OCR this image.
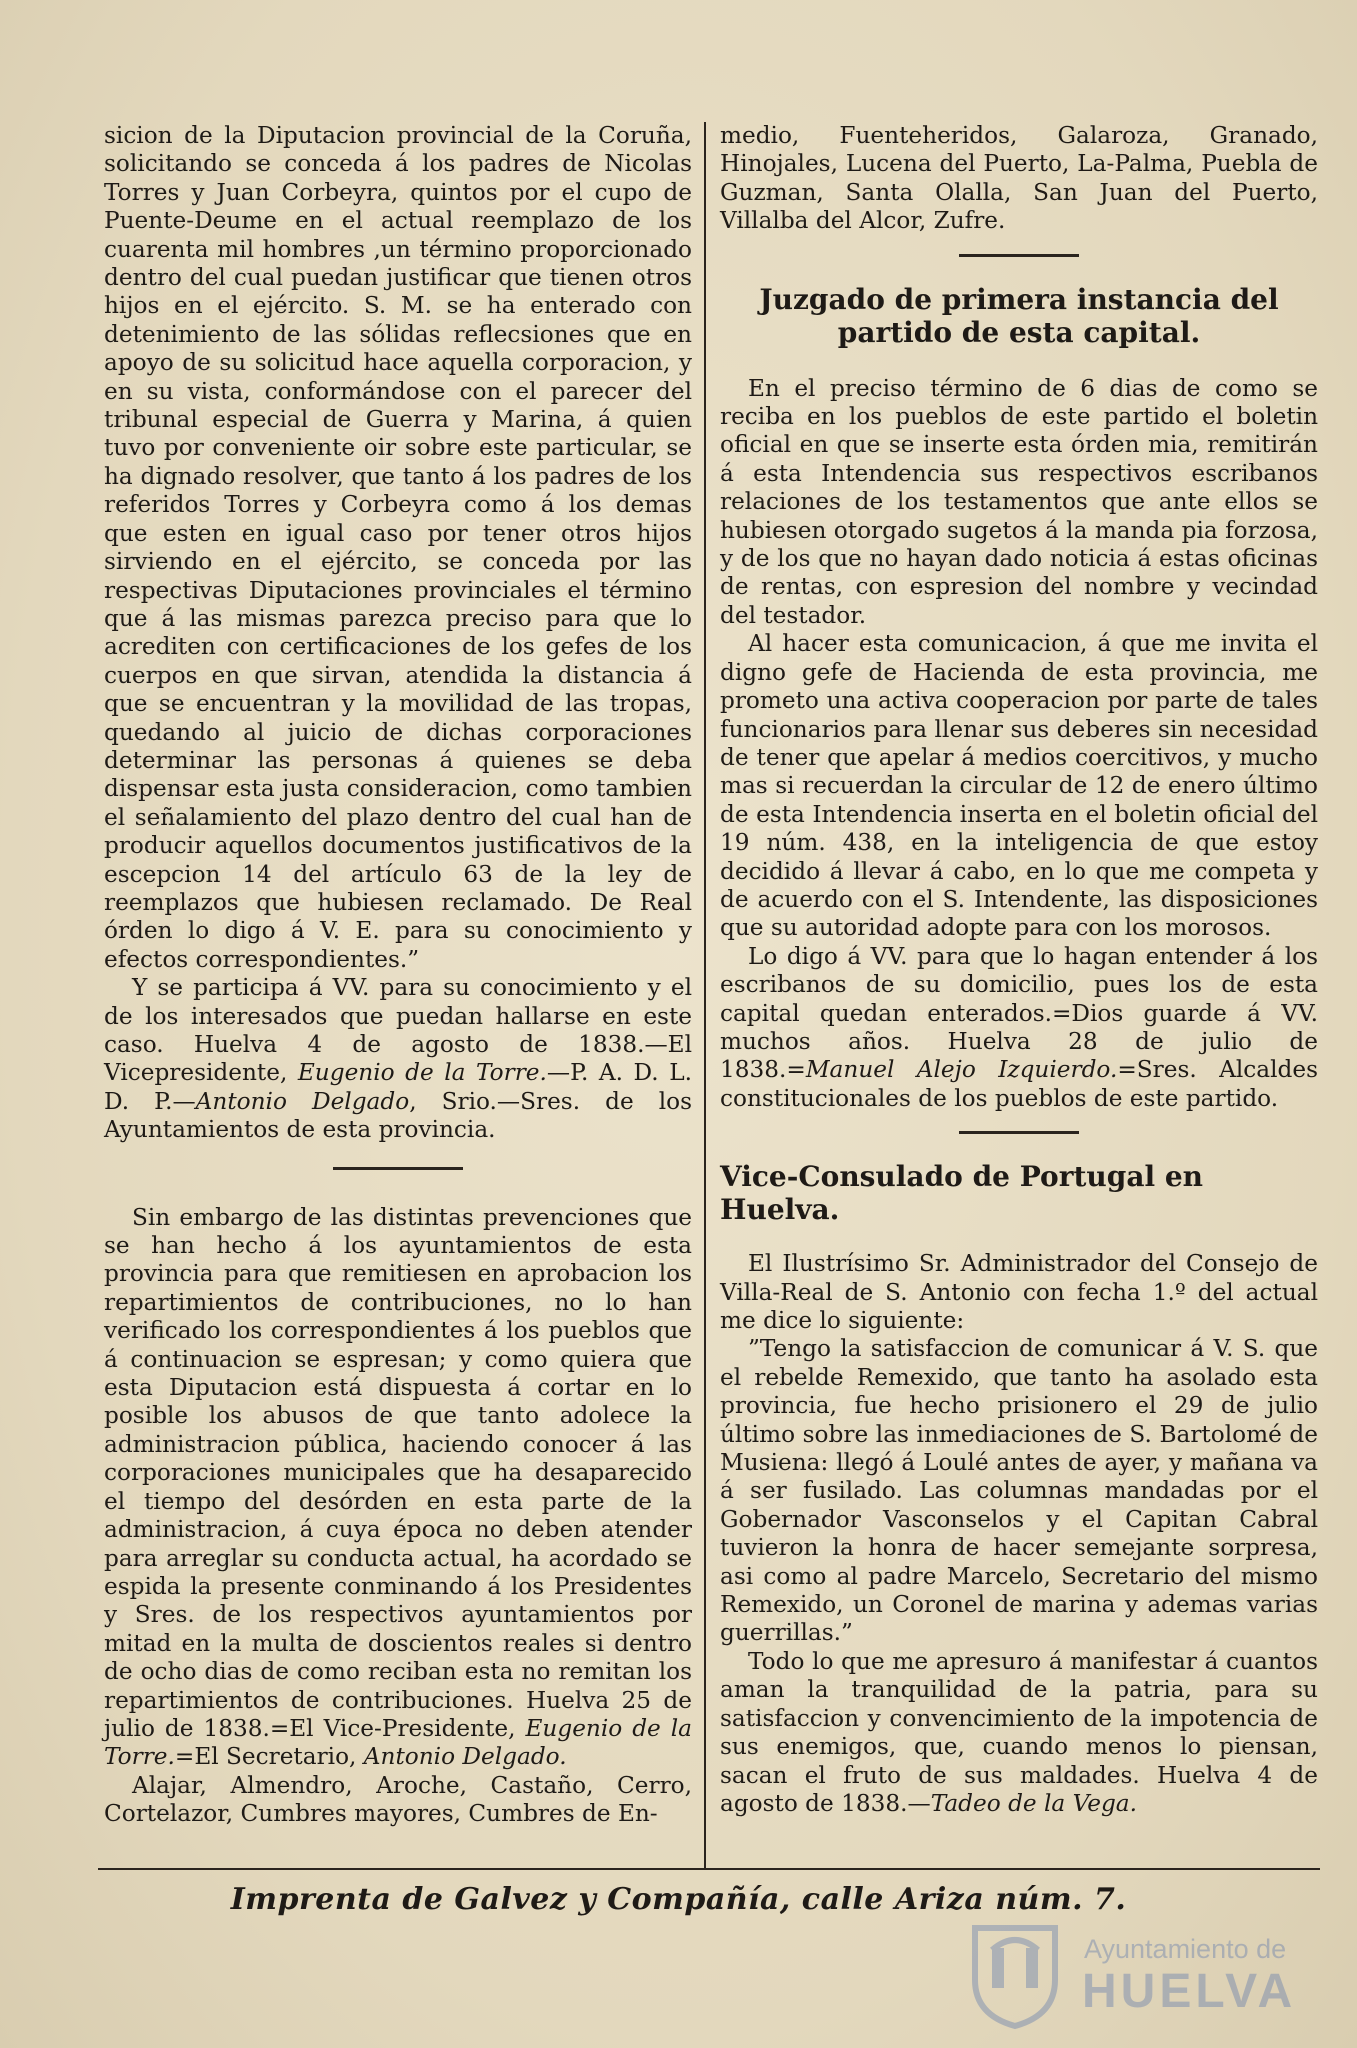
sicion de la Diputacion provincial de la Coruña, solicitando se conceda á los padres de Nicolas Torres y Juan Corbeyra, quintos por el cupo de Puente-Deume en el actual reemplazo de los cuarenta mil hombres ,un término proporcionado dentro del cual puedan justificar que tienen otros hijos en el ejército. S. M. se ha enterado con detenimiento de las sólidas reflecsiones que en apoyo de su solicitud hace aquella corporacion, y en su vista, conformándose con el parecer del tribunal especial de Guerra y Marina, á quien tuvo por conveniente oir sobre este particular, se ha dignado resolver, que tanto á los padres de los referidos Torres y Corbeyra como á los demas que esten en igual caso por tener otros hijos sirviendo en el ejército, se conceda por las respectivas Diputaciones provinciales el término que á las mismas parezca preciso para que lo acrediten con certificaciones de los gefes de los cuerpos en que sirvan, atendida la distancia á que se encuentran y la movilidad de las tropas, quedando al juicio de dichas corporaciones determinar las personas á quienes se deba dispensar esta justa consideracion, como tambien el señalamiento del plazo dentro del cual han de producir aquellos documentos justificativos de la escepcion 14 del artículo 63 de la ley de reemplazos que hubiesen reclamado. De Real órden lo digo á V. E. para su conocimiento y efectos correspondientes.”

Y se participa á VV. para su conocimiento y el de los interesados que puedan hallarse en este caso. Huelva 4 de agosto de 1838.—El Vicepresidente, Eugenio de la Torre.—P. A. D. L. D. P.—Antonio Delgado, Srio.—Sres. de los Ayuntamientos de esta provincia.

Sin embargo de las distintas prevenciones que se han hecho á los ayuntamientos de esta provincia para que remitiesen en aprobacion los repartimientos de contribuciones, no lo han verificado los correspondientes á los pueblos que á continuacion se espresan; y como quiera que esta Diputacion está dispuesta á cortar en lo posible los abusos de que tanto adolece la administracion pública, haciendo conocer á las corporaciones municipales que ha desaparecido el tiempo del desórden en esta parte de la administracion, á cuya época no deben atender para arreglar su conducta actual, ha acordado se espida la presente conminando á los Presidentes y Sres. de los respectivos ayuntamientos por mitad en la multa de doscientos reales si dentro de ocho dias de como reciban esta no remitan los repartimientos de contribuciones. Huelva 25 de julio de 1838.=El Vice-Presidente, Eugenio de la Torre.=El Secretario, Antonio Delgado.

Alajar, Almendro, Aroche, Castaño, Cerro, Cortelazor, Cumbres mayores, Cumbres de En-

medio, Fuenteheridos, Galaroza, Granado, Hinojales, Lucena del Puerto, La-Palma, Puebla de Guzman, Santa Olalla, San Juan del Puerto, Villalba del Alcor, Zufre.

Juzgado de primera instancia del partido de esta capital.

En el preciso término de 6 dias de como se reciba en los pueblos de este partido el boletin oficial en que se inserte esta órden mia, remitirán á esta Intendencia sus respectivos escribanos relaciones de los testamentos que ante ellos se hubiesen otorgado sugetos á la manda pia forzosa, y de los que no hayan dado noticia á estas oficinas de rentas, con espresion del nombre y vecindad del testador.

Al hacer esta comunicacion, á que me invita el digno gefe de Hacienda de esta provincia, me prometo una activa cooperacion por parte de tales funcionarios para llenar sus deberes sin necesidad de tener que apelar á medios coercitivos, y mucho mas si recuerdan la circular de 12 de enero último de esta Intendencia inserta en el boletin oficial del 19 núm. 438, en la inteligencia de que estoy decidido á llevar á cabo, en lo que me competa y de acuerdo con el S. Intendente, las disposiciones que su autoridad adopte para con los morosos.

Lo digo á VV. para que lo hagan entender á los escribanos de su domicilio, pues los de esta capital quedan enterados.=Dios guarde á VV. muchos años. Huelva 28 de julio de 1838.=Manuel Alejo Izquierdo.=Sres. Alcaldes constitucionales de los pueblos de este partido.

Vice-Consulado de Portugal en Huelva.

El Ilustrísimo Sr. Administrador del Consejo de Villa-Real de S. Antonio con fecha 1.º del actual me dice lo siguiente:

”Tengo la satisfaccion de comunicar á V. S. que el rebelde Remexido, que tanto ha asolado esta provincia, fue hecho prisionero el 29 de julio último sobre las inmediaciones de S. Bartolomé de Musiena: llegó á Loulé antes de ayer, y mañana va á ser fusilado. Las columnas mandadas por el Gobernador Vasconselos y el Capitan Cabral tuvieron la honra de hacer semejante sorpresa, asi como al padre Marcelo, Secretario del mismo Remexido, un Coronel de marina y ademas varias guerrillas.”

Todo lo que me apresuro á manifestar á cuantos aman la tranquilidad de la patria, para su satisfaccion y convencimiento de la impotencia de sus enemigos, que, cuando menos lo piensan, sacan el fruto de sus maldades. Huelva 4 de agosto de 1838.—Tadeo de la Vega.

Imprenta de Galvez y Compañía, calle Ariza núm. 7.
Ayuntamiento de
HUELVA
